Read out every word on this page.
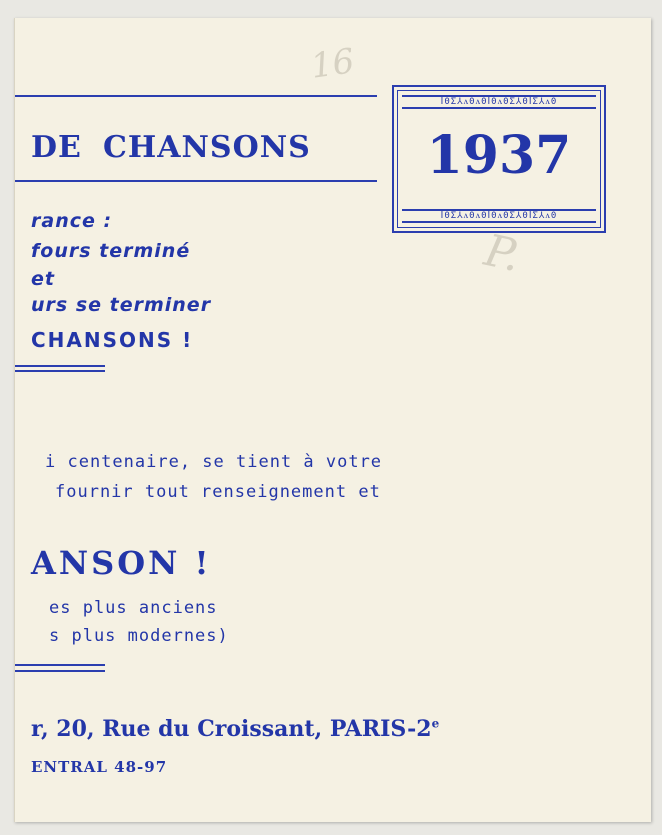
16
P.
DE CHANSONS
ꟾ0Σ⅄ᴧ0ᴧ0ꟾ0ᴧ0Σ⅄0ꟾΣ⅄ᴧ0
1937
ꟾ0Σ⅄ᴧ0ᴧ0ꟾ0ᴧ0Σ⅄0ꟾΣ⅄ᴧ0
rance :
fours terminé
et
urs se terminer
CHANSONS !
i centenaire, se tient à votre
fournir tout renseignement et
ANSON !
es plus anciens
s plus modernes)
r, 20, Rue du Croissant, PARIS-2e
ENTRAL 48-97
